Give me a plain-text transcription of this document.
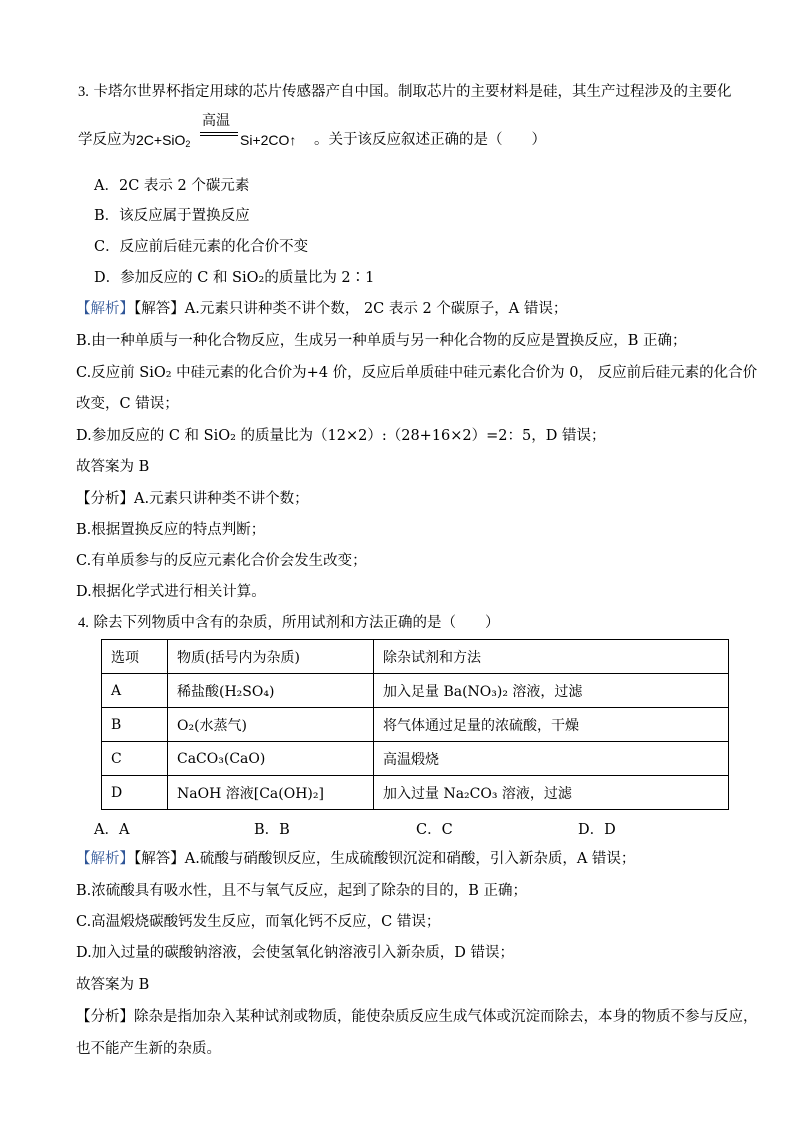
3. 卡塔尔世界杯指定用球的芯片传感器产自中国。制取芯片的主要材料是硅，其生产过程涉及的主要化
学反应为 2C+SiO$_2$
高温
Si+2CO↑ 。关于该反应叙述正确的是（　　）
A．2C 表示 2 个碳元素
B．该反应属于置换反应
C．反应前后硅元素的化合价不变
D．参加反应的 C 和 SiO₂的质量比为 2∶1
【解析】【解答】A.元素只讲种类不讲个数， 2C 表示 2 个碳原子，A 错误；
B.由一种单质与一种化合物反应，生成另一种单质与另一种化合物的反应是置换反应，B 正确；
C.反应前 SiO₂ 中硅元素的化合价为+4 价，反应后单质硅中硅元素化合价为 0， 反应前后硅元素的化合价
改变，C 错误；
D.参加反应的 C 和 SiO₂ 的质量比为（12×2）:（28+16×2）=2：5，D 错误；
故答案为 B
【分析】A.元素只讲种类不讲个数；
B.根据置换反应的特点判断；
C.有单质参与的反应元素化合价会发生改变；
D.根据化学式进行相关计算。
4. 除去下列物质中含有的杂质，所用试剂和方法正确的是（　　）
选项	物质(括号内为杂质)	除杂试剂和方法
A	稀盐酸(H₂SO₄)	加入足量 Ba(NO₃)₂ 溶液，过滤
B	O₂(水蒸气)	将气体通过足量的浓硫酸，干燥
C	CaCO₃(CaO)	高温煅烧
D	NaOH 溶液[Ca(OH)₂]	加入过量 Na₂CO₃ 溶液，过滤
A．A	B．B	C．C	D．D
【解析】【解答】A.硫酸与硝酸钡反应，生成硫酸钡沉淀和硝酸，引入新杂质，A 错误；
B.浓硫酸具有吸水性，且不与氧气反应，起到了除杂的目的，B 正确；
C.高温煅烧碳酸钙发生反应，而氧化钙不反应，C 错误；
D.加入过量的碳酸钠溶液，会使氢氧化钠溶液引入新杂质，D 错误；
故答案为 B
【分析】除杂是指加杂入某种试剂或物质，能使杂质反应生成气体或沉淀而除去，本身的物质不参与反应，
也不能产生新的杂质。
